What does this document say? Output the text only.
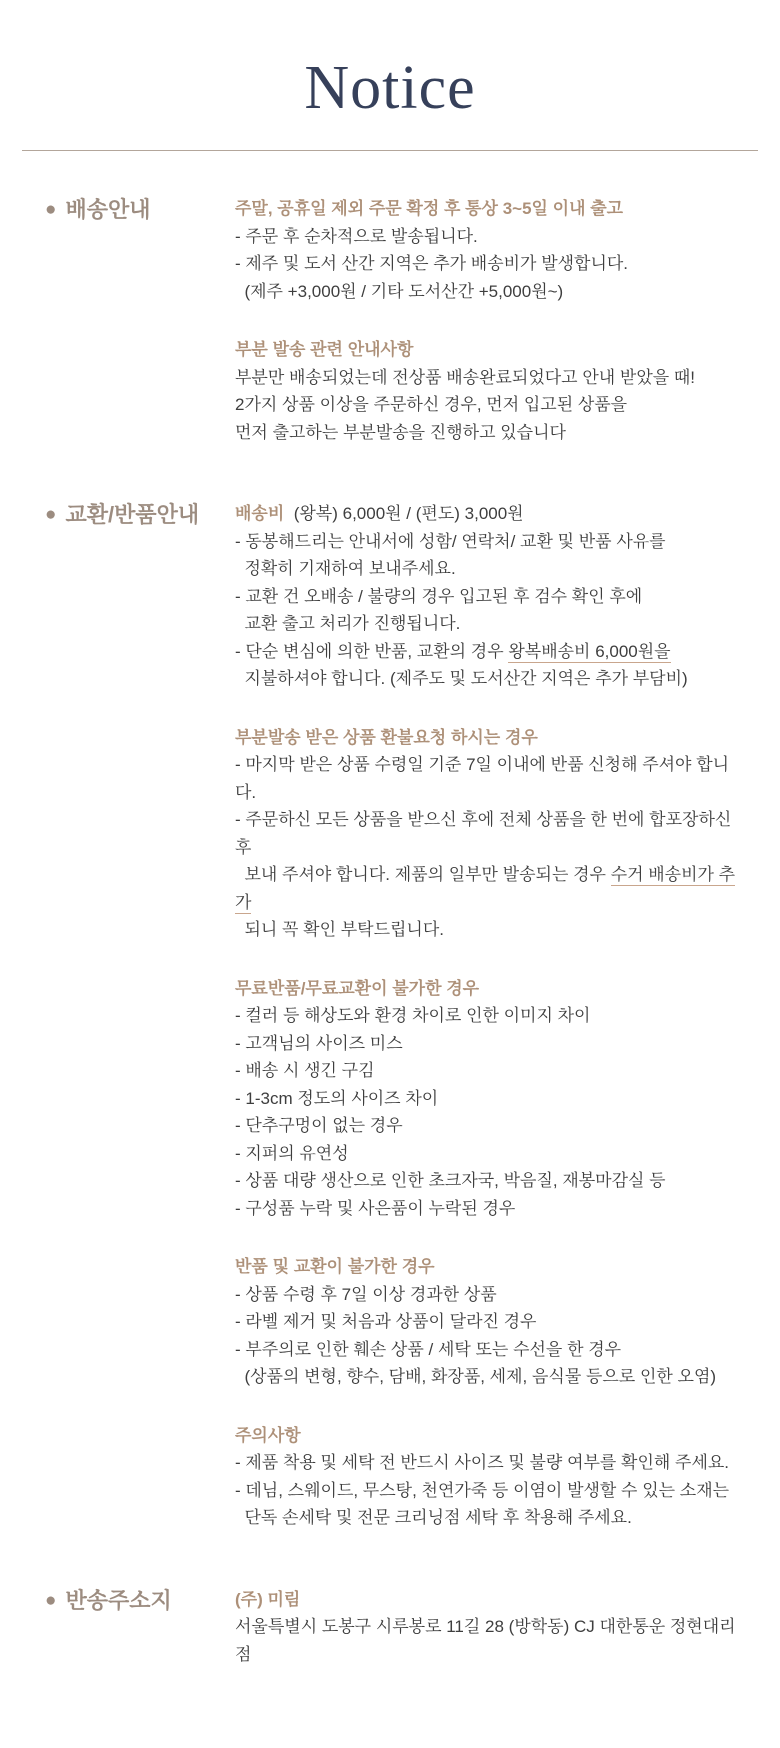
Notice
● 배송안내	주말, 공휴일 제외 주문 확정 후 통상 3~5일 이내 출고

- 주문 후 순차적으로 발송됩니다.

- 제주 및 도서 산간 지역은 추가 배송비가 발생합니다.

(제주 +3,000원 / 기타 도서산간 +5,000원~)

부분 발송 관련 안내사항

부분만 배송되었는데 전상품 배송완료되었다고 안내 받았을 때!

2가지 상품 이상을 주문하신 경우, 먼저 입고된 상품을

먼저 출고하는 부분발송을 진행하고 있습니다

● 교환/반품안내 배송비  (왕복) 6,000원 / (편도) 3,000원

- 동봉해드리는 안내서에 성함/ 연락처/ 교환 및 반품 사유를

정확히 기재하여 보내주세요.

- 교환 건 오배송 / 불량의 경우 입고된 후 검수 확인 후에

교환 출고 처리가 진행됩니다.

- 단순 변심에 의한 반품, 교환의 경우 왕복배송비 6,000원을

지불하셔야 합니다. (제주도 및 도서산간 지역은 추가 부담비)

부분발송 받은 상품 환불요청 하시는 경우

- 마지막 받은 상품 수령일 기준 7일 이내에 반품 신청해 주셔야 합니다.

- 주문하신 모든 상품을 받으신 후에 전체 상품을 한 번에 합포장하신 후

보내 주셔야 합니다. 제품의 일부만 발송되는 경우 수거 배송비가 추가

되니 꼭 확인 부탁드립니다.

무료반품/무료교환이 불가한 경우

- 컬러 등 해상도와 환경 차이로 인한 이미지 차이

- 고객님의 사이즈 미스

- 배송 시 생긴 구김

- 1-3cm 정도의 사이즈 차이

- 단추구멍이 없는 경우

- 지퍼의 유연성

- 상품 대량 생산으로 인한 초크자국, 박음질, 재봉마감실 등

- 구성품 누락 및 사은품이 누락된 경우

반품 및 교환이 불가한 경우

- 상품 수령 후 7일 이상 경과한 상품

- 라벨 제거 및 처음과 상품이 달라진 경우

- 부주의로 인한 훼손 상품 / 세탁 또는 수선을 한 경우

(상품의 변형, 향수, 담배, 화장품, 세제, 음식물 등으로 인한 오염)

주의사항

- 제품 착용 및 세탁 전 반드시 사이즈 및 불량 여부를 확인해 주세요.

- 데님, 스웨이드, 무스탕, 천연가죽 등 이염이 발생할 수 있는 소재는

단독 손세탁 및 전문 크리닝점 세탁 후 착용해 주세요.

● 반송주소지	(주) 미림

서울특별시 도봉구 시루봉로 11길 28 (방학동) CJ 대한통운 정현대리점
